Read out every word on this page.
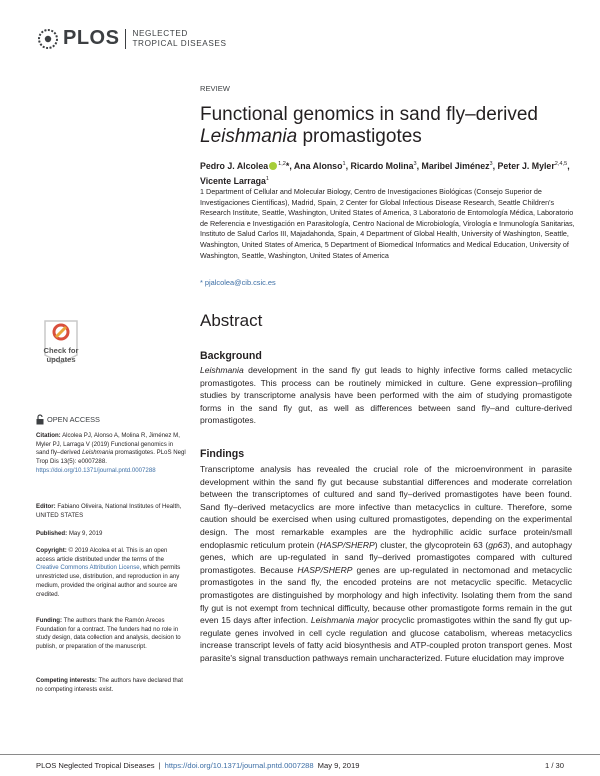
PLOS NEGLECTED
TROPICAL DISEASES
REVIEW
Functional genomics in sand fly–derived
Leishmania promastigotes
Pedro J. Alcolea $^{1,2}$*, Ana Alonso$^1$, Ricardo Molina$^3$, Maribel Jiménez$^3$, Peter J. Myler$^{2,4,5}$,
Vicente Larraga$^1$
1 Department of Cellular and Molecular Biology, Centro de Investigaciones Biológicas (Consejo Superior de Investigaciones Científicas), Madrid, Spain, 2 Center for Global Infectious Disease Research, Seattle Children's Research Institute, Seattle, Washington, United States of America, 3 Laboratorio de Entomología Médica, Laboratorio de Referencia e Investigación en Parasitología, Centro Nacional de Microbiología, Virología e Inmunología Sanitarias, Instituto de Salud Carlos III, Majadahonda, Spain, 4 Department of Global Health, University of Washington, Seattle, Washington, United States of America, 5 Department of Biomedical Informatics and Medical Education, University of Washington, Seattle, Washington, United States of America
* pjalcolea@cib.csic.es
Abstract
Background

Leishmania development in the sand fly gut leads to highly infective forms called metacyclic promastigotes. This process can be routinely mimicked in culture. Gene expression–profiling studies by transcriptome analysis have been performed with the aim of studying promastigote forms in the sand fly gut, as well as differences between sand fly–and culture-derived promastigotes.

Findings

Transcriptome analysis has revealed the crucial role of the microenvironment in parasite development within the sand fly gut because substantial differences and moderate correlation between the transcriptomes of cultured and sand fly–derived promastigotes have been found. Sand fly–derived metacyclics are more infective than metacyclics in culture. Therefore, some caution should be exercised when using cultured promastigotes, depending on the experimental design. The most remarkable examples are the hydrophilic acidic surface protein/small endoplasmic reticulum protein (HASP/SHERP) cluster, the glycoprotein 63 (gp63), and autophagy genes, which are up-regulated in sand fly–derived promastigotes compared with cultured promastigotes. Because HASP/SHERP genes are up-regulated in nectomonad and metacyclic promastigotes in the sand fly, the encoded proteins are not metacyclic specific. Metacyclic promastigotes are distinguished by morphology and high infectivity. Isolating them from the sand fly gut is not exempt from technical difficulty, because other promastigote forms remain in the gut even 15 days after infection. Leishmania major procyclic promastigotes within the sand fly gut up-regulate genes involved in cell cycle regulation and glucose catabolism, whereas metacyclics increase transcript levels of fatty acid biosynthesis and ATP-coupled proton transport genes. Most parasite's signal transduction pathways remain uncharacterized. Future elucidation may improve

Check for
updates
OPEN ACCESS
Citation: Alcolea PJ, Alonso A, Molina R, Jiménez M, Myler PJ, Larraga V (2019) Functional genomics in sand fly–derived Leishmania promastigotes. PLoS Negl Trop Dis 13(5): e0007288. https://doi.org/10.1371/journal.pntd.0007288
Editor: Fabiano Oliveira, National Institutes of Health, UNITED STATES
Published: May 9, 2019
Copyright: © 2019 Alcolea et al. This is an open access article distributed under the terms of the Creative Commons Attribution License, which permits unrestricted use, distribution, and reproduction in any medium, provided the original author and source are credited.
Funding: The authors thank the Ramón Areces Foundation for a contract. The funders had no role in study design, data collection and analysis, decision to publish, or preparation of the manuscript.
Competing interests: The authors have declared that no competing interests exist.
PLOS Neglected Tropical Diseases | https://doi.org/10.1371/journal.pntd.0007288 May 9, 2019	1 / 30
